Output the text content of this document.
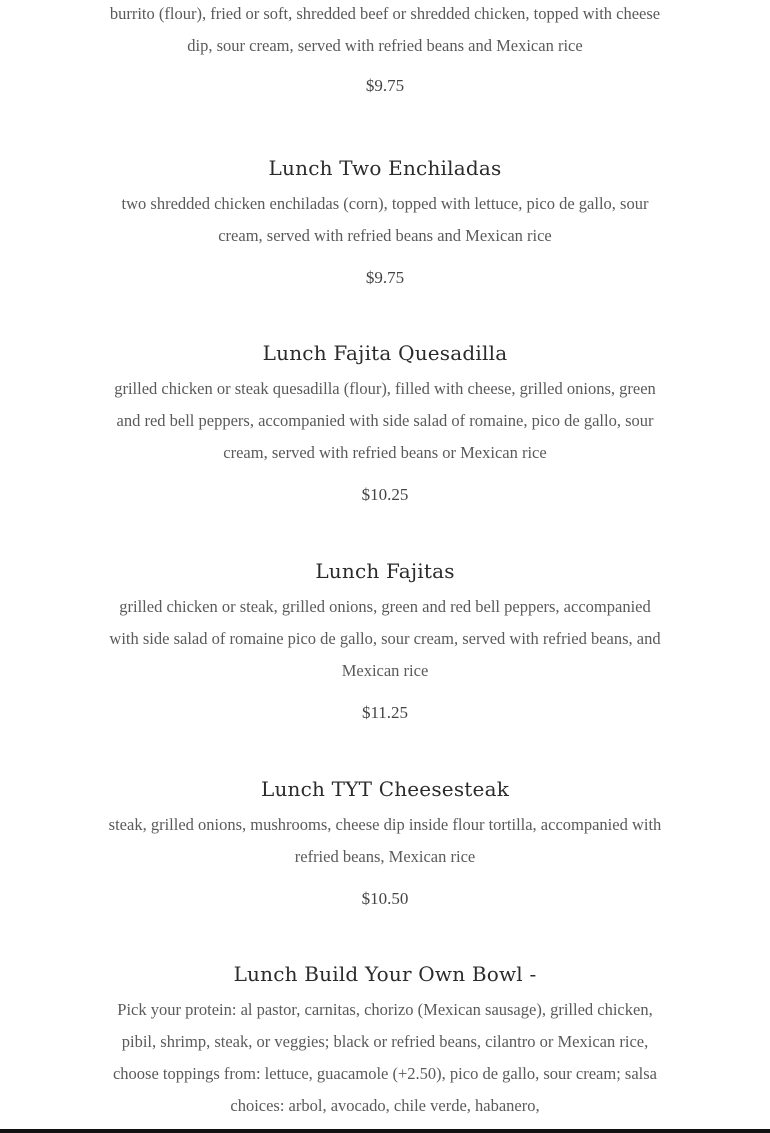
burrito (flour), fried or soft, shredded beef or shredded chicken, topped with cheese dip, sour cream, served with refried beans and Mexican rice

$9.75

Lunch Two Enchiladas

two shredded chicken enchiladas (corn), topped with lettuce, pico de gallo, sour cream, served with refried beans and Mexican rice

$9.75

Lunch Fajita Quesadilla

grilled chicken or steak quesadilla (flour), filled with cheese, grilled onions, green and red bell peppers, accompanied with side salad of romaine, pico de gallo, sour cream, served with refried beans or Mexican rice

$10.25

Lunch Fajitas

grilled chicken or steak, grilled onions, green and red bell peppers, accompanied with side salad of romaine pico de gallo, sour cream, served with refried beans, and Mexican rice

$11.25

Lunch TYT Cheesesteak

steak, grilled onions, mushrooms, cheese dip inside flour tortilla, accompanied with refried beans, Mexican rice

$10.50

Lunch Build Your Own Bowl -

Pick your protein: al pastor, carnitas, chorizo (Mexican sausage), grilled chicken, pibil, shrimp, steak, or veggies; black or refried beans, cilantro or Mexican rice, choose toppings from: lettuce, guacamole (+2.50), pico de gallo, sour cream; salsa choices: arbol, avocado, chile verde, habanero,
